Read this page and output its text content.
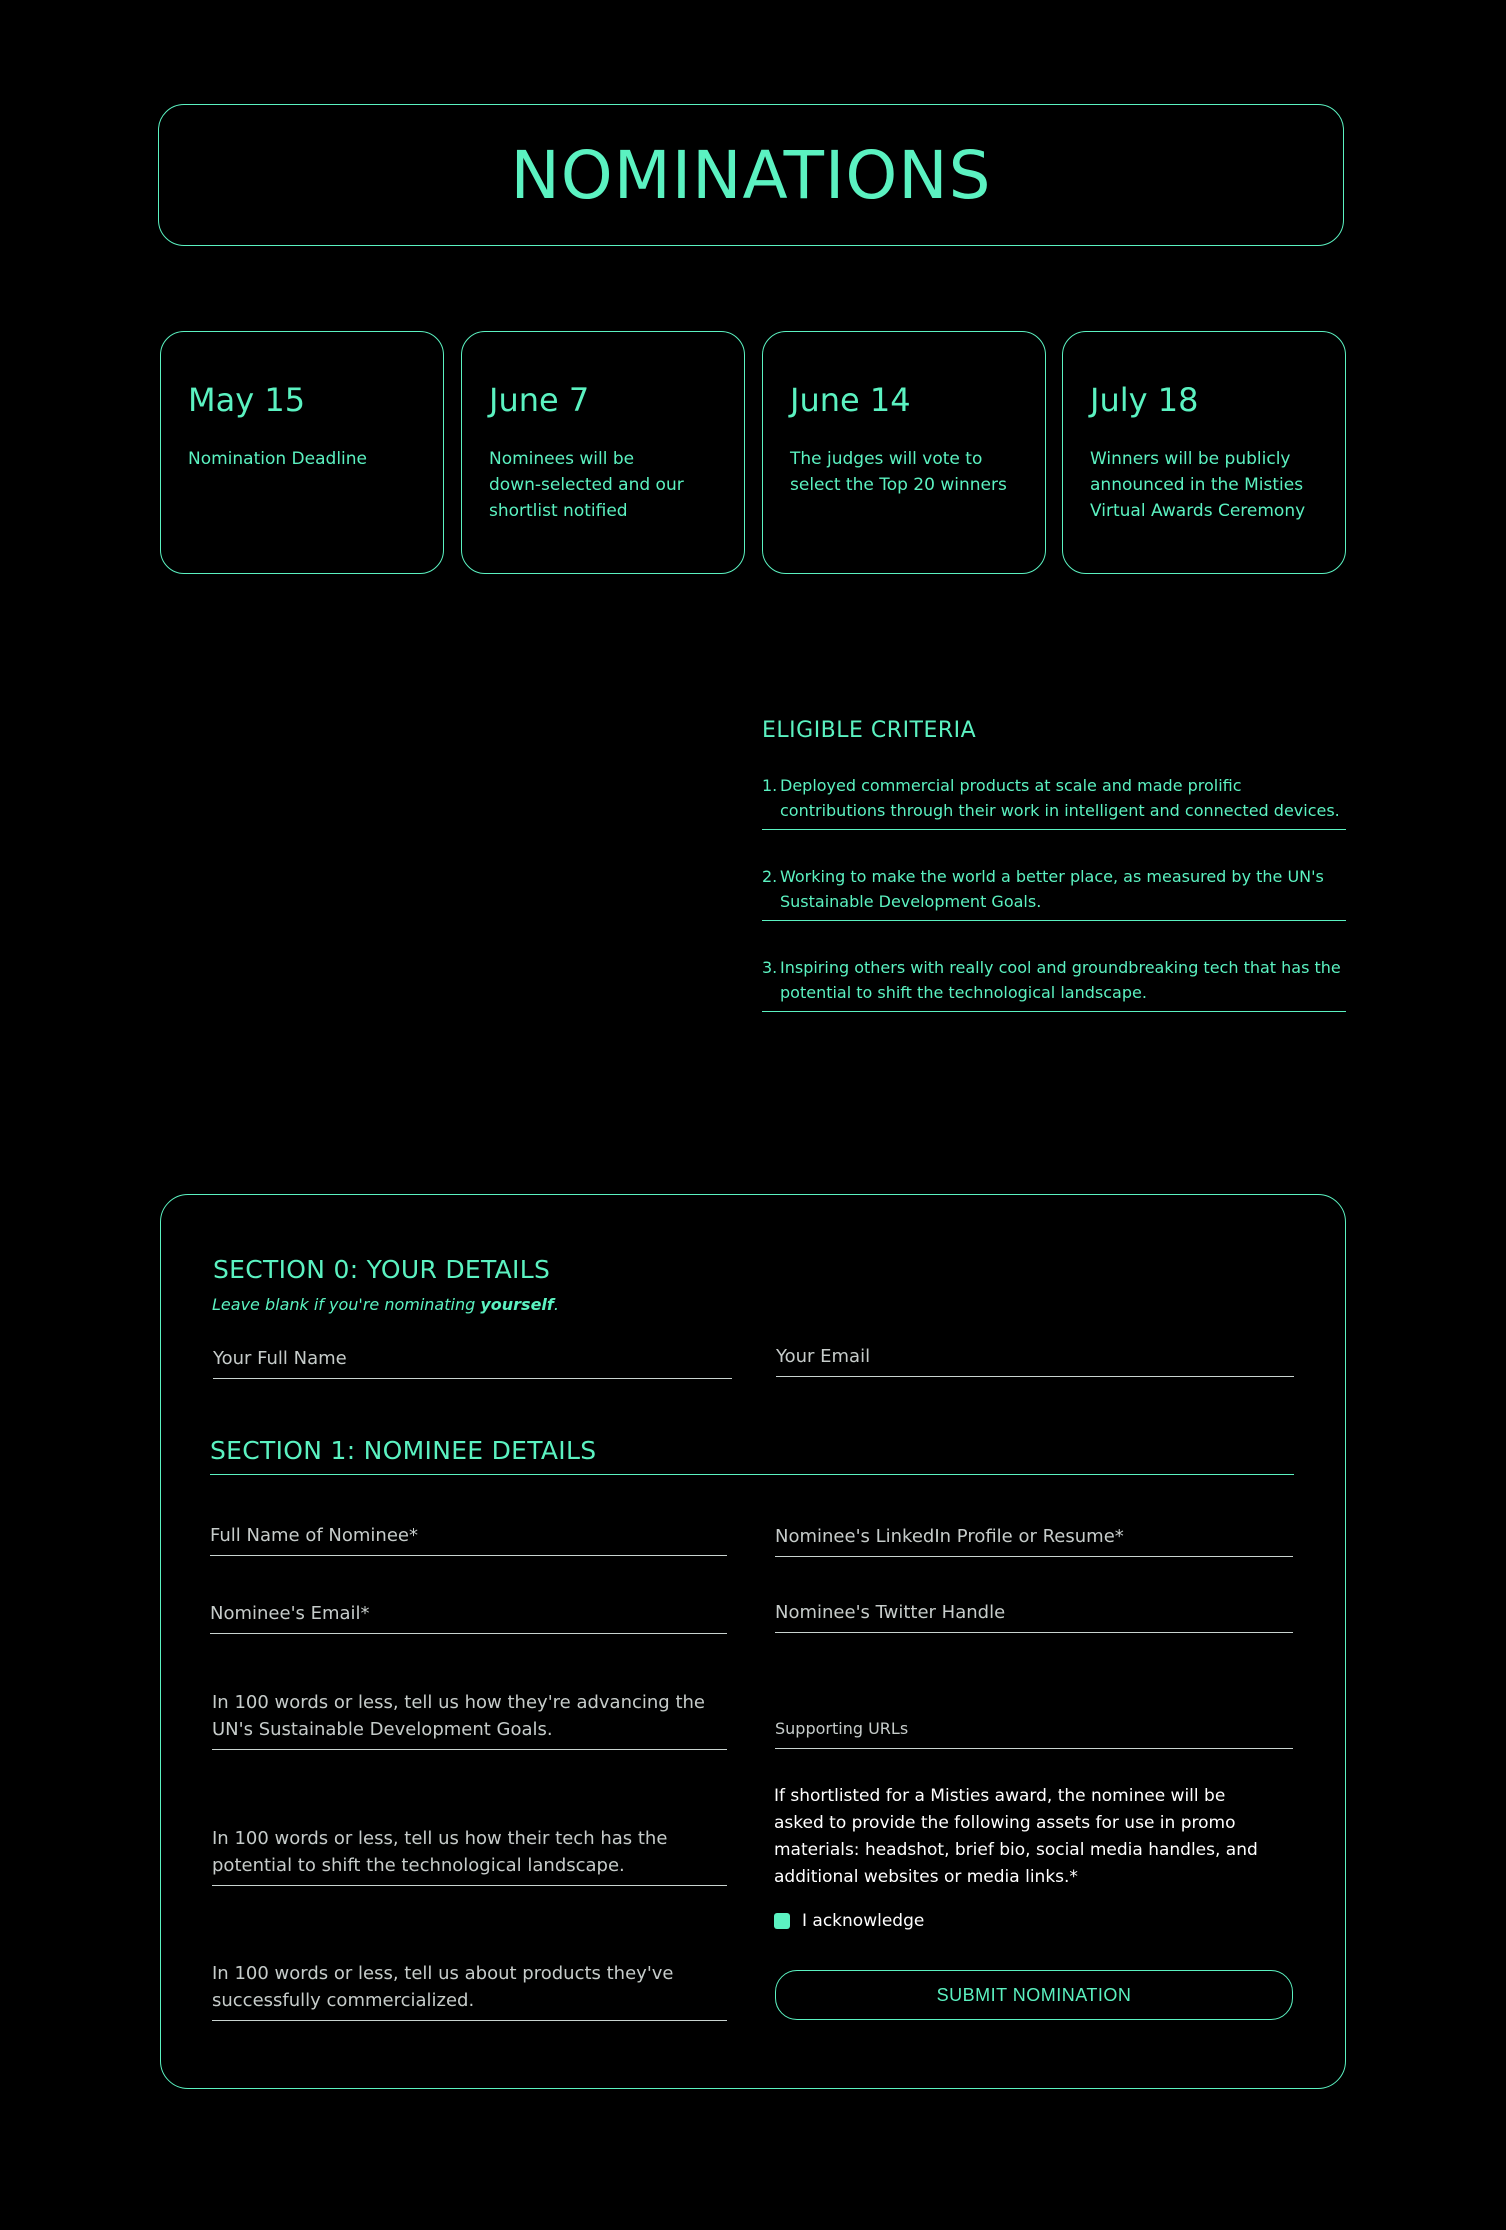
NOMINATIONS
May 15
Nomination Deadline
June 7
Nominees will be down-selected and our shortlist notified
June 14
The judges will vote to select the Top 20 winners
July 18
Winners will be publicly announced in the Misties Virtual Awards Ceremony
ELIGIBLE CRITERIA
1. Deployed commercial products at scale and made prolific contributions through their work in intelligent and connected devices.
2. Working to make the world a better place, as measured by the UN's Sustainable Development Goals.
3. Inspiring others with really cool and groundbreaking tech that has the potential to shift the technological landscape.
SECTION 0: YOUR DETAILS
Leave blank if you're nominating yourself.
Your Full Name	Your Email
SECTION 1: NOMINEE DETAILS
Full Name of Nominee*	Nominee's LinkedIn Profile or Resume*
Nominee's Email*	Nominee's Twitter Handle
In 100 words or less, tell us how they're advancing the UN's Sustainable Development Goals.	Supporting URLs
In 100 words or less, tell us how their tech has the potential to shift the technological landscape.
If shortlisted for a Misties award, the nominee will be asked to provide the following assets for use in promo materials: headshot, brief bio, social media handles, and additional websites or media links.*
I acknowledge
In 100 words or less, tell us about products they've successfully commercialized.	SUBMIT NOMINATION
